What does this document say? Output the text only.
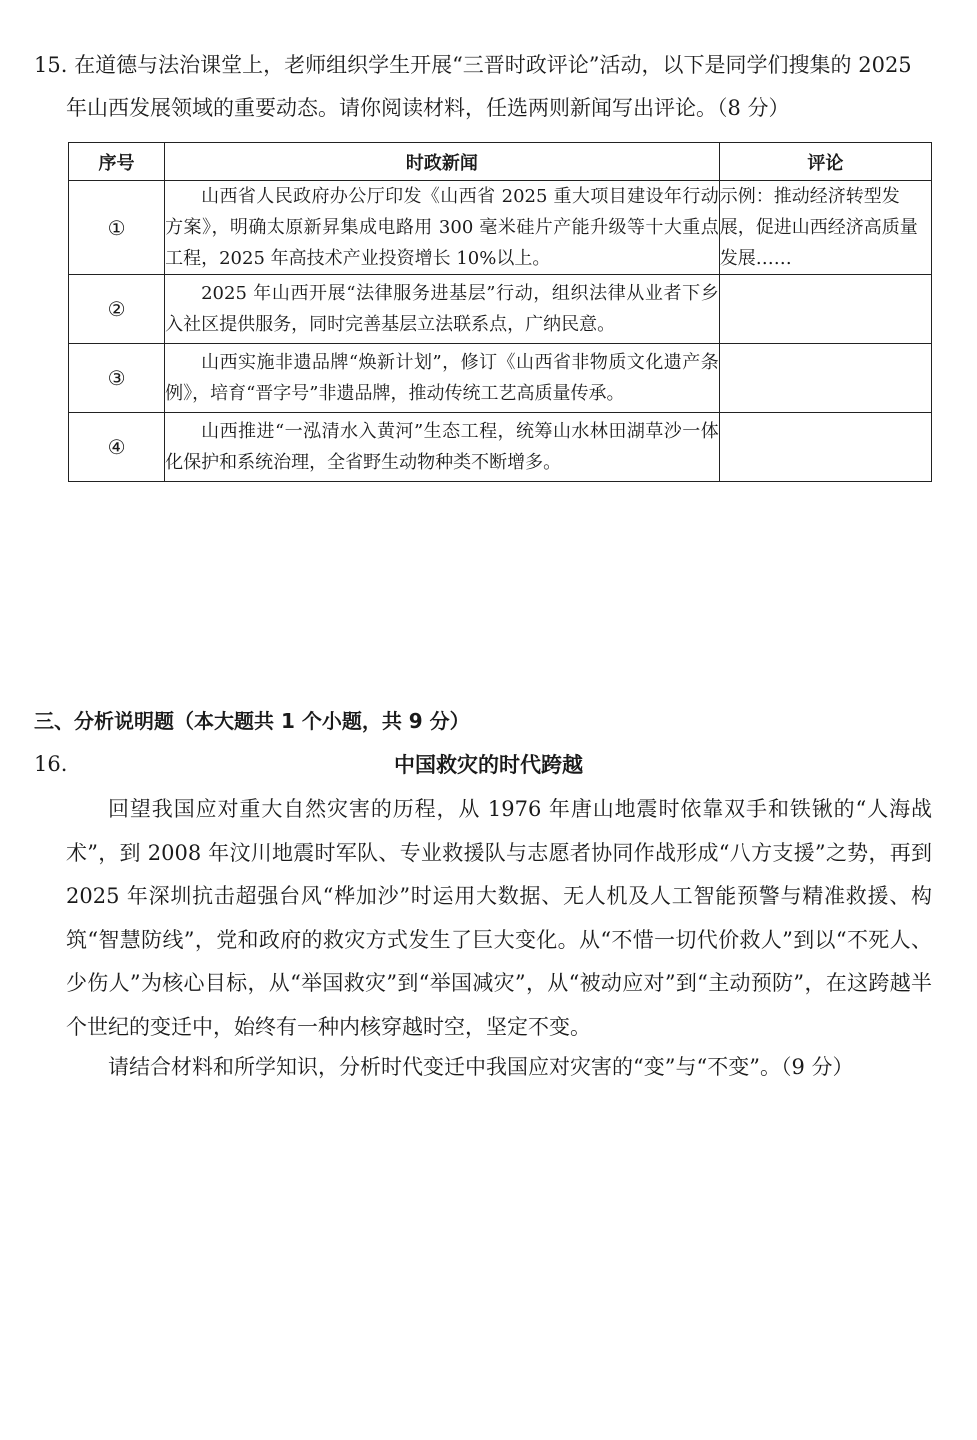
15. 在道德与法治课堂上，老师组织学生开展“三晋时政评论”活动，以下是同学们搜集的 2025
年山西发展领域的重要动态。请你阅读材料，任选两则新闻写出评论。（8 分）
序号	时政新闻	评论
①	山西省人民政府办公厅印发《山西省 2025 重大项目建设年行动方案》，明确太原新昇集成电路用 300 毫米硅片产能升级等十大重点工程，2025 年高技术产业投资增长 10%以上。	示例：推动经济转型发展，促进山西经济高质量发展……
②	2025 年山西开展“法律服务进基层”行动，组织法律从业者下乡入社区提供服务，同时完善基层立法联系点，广纳民意。	
③	山西实施非遗品牌“焕新计划”，修订《山西省非物质文化遗产条例》，培育“晋字号”非遗品牌，推动传统工艺高质量传承。	
④	山西推进“一泓清水入黄河”生态工程，统筹山水林田湖草沙一体化保护和系统治理，全省野生动物种类不断增多。	
三、分析说明题（本大题共 1 个小题，共 9 分）
16.	中国救灾的时代跨越
回望我国应对重大自然灾害的历程，从 1976 年唐山地震时依靠双手和铁锹的“人海战术”，到 2008 年汶川地震时军队、专业救援队与志愿者协同作战形成“八方支援”之势，再到 2025 年深圳抗击超强台风“桦加沙”时运用大数据、无人机及人工智能预警与精准救援、构筑“智慧防线”，党和政府的救灾方式发生了巨大变化。从“不惜一切代价救人”到以“不死人、少伤人”为核心目标，从“举国救灾”到“举国减灾”，从“被动应对”到“主动预防”，在这跨越半个世纪的变迁中，始终有一种内核穿越时空，坚定不变。
请结合材料和所学知识，分析时代变迁中我国应对灾害的“变”与“不变”。（9 分）
